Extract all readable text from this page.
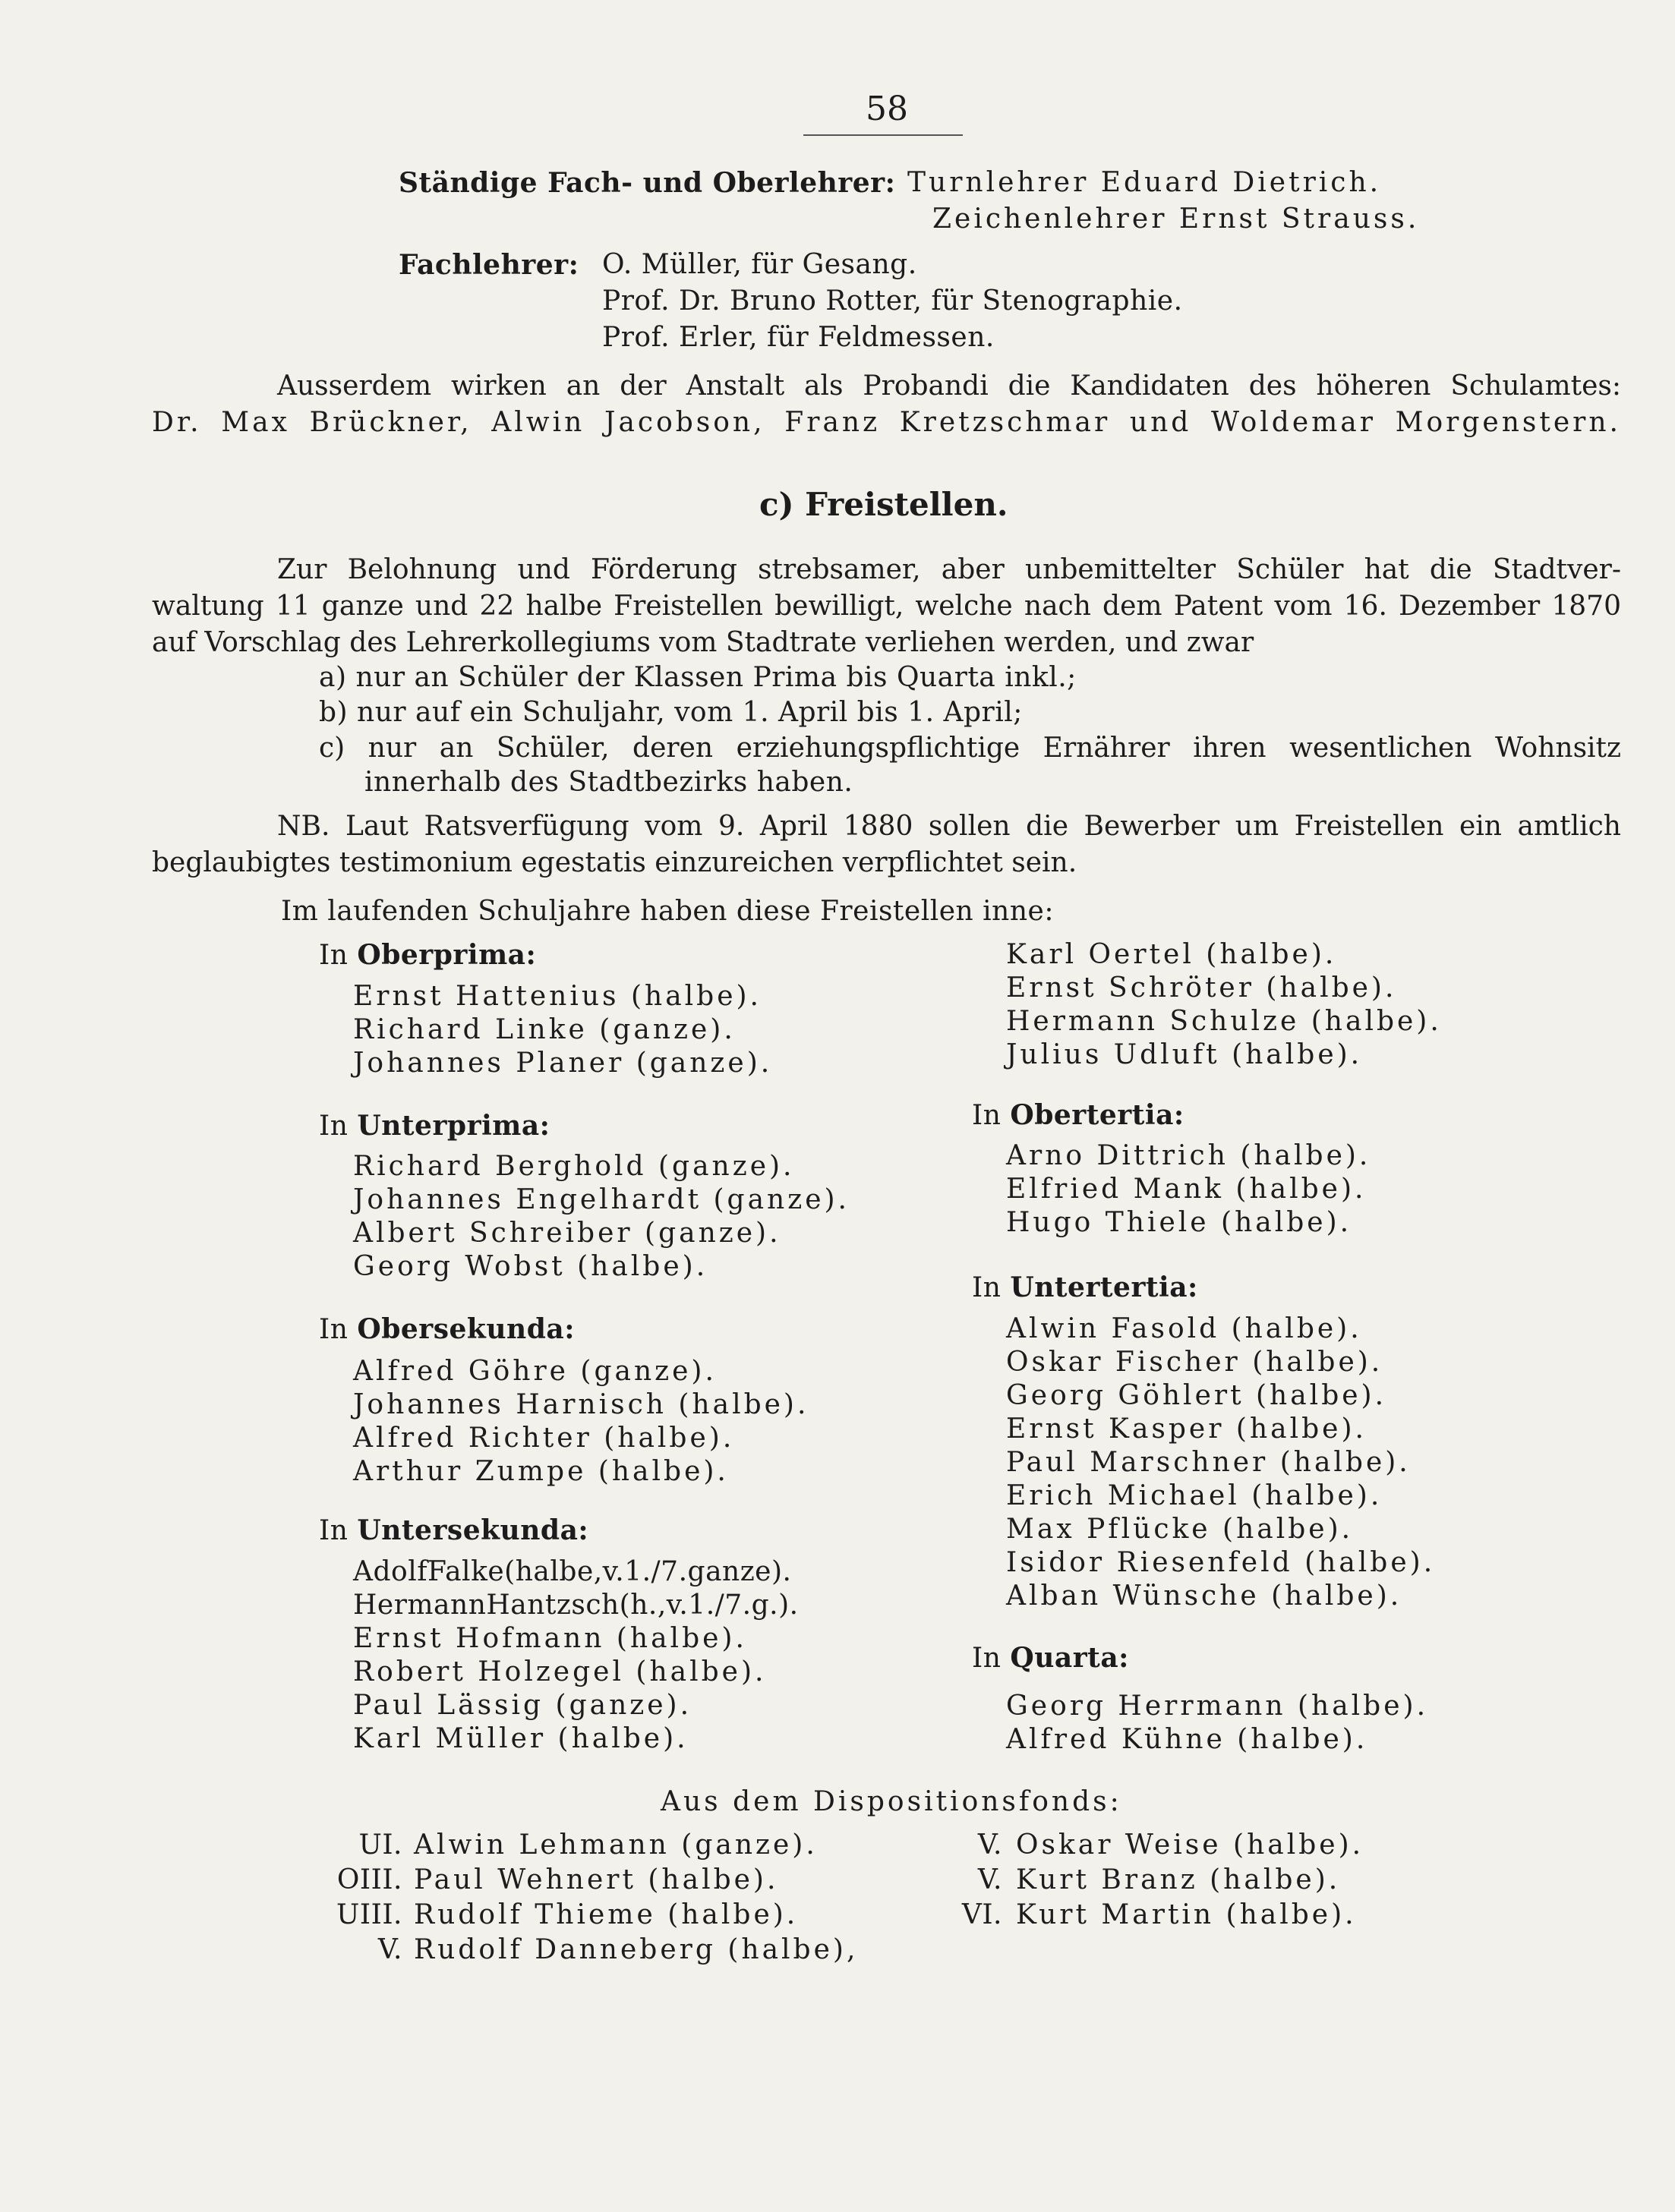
58
Ständige Fach- und Oberlehrer: Turnlehrer Eduard Dietrich.
Zeichenlehrer Ernst Strauss.
Fachlehrer: O. Müller, für Gesang.
Prof. Dr. Bruno Rotter, für Stenographie.
Prof. Erler, für Feldmessen.
Ausserdem wirken an der Anstalt als Probandi die Kandidaten des höheren Schulamtes:
Dr. Max Brückner, Alwin Jacobson, Franz Kretzschmar und Woldemar Morgenstern.
c) Freistellen.
Zur Belohnung und Förderung strebsamer, aber unbemittelter Schüler hat die Stadtver-
waltung 11 ganze und 22 halbe Freistellen bewilligt, welche nach dem Patent vom 16. Dezember 1870
auf Vorschlag des Lehrerkollegiums vom Stadtrate verliehen werden, und zwar
a) nur an Schüler der Klassen Prima bis Quarta inkl.;
b) nur auf ein Schuljahr, vom 1. April bis 1. April;
c) nur an Schüler, deren erziehungspflichtige Ernährer ihren wesentlichen Wohnsitz
innerhalb des Stadtbezirks haben.
NB. Laut Ratsverfügung vom 9. April 1880 sollen die Bewerber um Freistellen ein amtlich
beglaubigtes testimonium egestatis einzureichen verpflichtet sein.
Im laufenden Schuljahre haben diese Freistellen inne:
In Oberprima:
Ernst Hattenius (halbe).
Richard Linke (ganze).
Johannes Planer (ganze).
In Unterprima:
Richard Berghold (ganze).
Johannes Engelhardt (ganze).
Albert Schreiber (ganze).
Georg Wobst (halbe).
In Obersekunda:
Alfred Göhre (ganze).
Johannes Harnisch (halbe).
Alfred Richter (halbe).
Arthur Zumpe (halbe).
In Untersekunda:
AdolfFalke(halbe,v.1./7.ganze).
HermannHantzsch(h.,v.1./7.g.).
Ernst Hofmann (halbe).
Robert Holzegel (halbe).
Paul Lässig (ganze).
Karl Müller (halbe).
Karl Oertel (halbe).
Ernst Schröter (halbe).
Hermann Schulze (halbe).
Julius Udluft (halbe).
In Obertertia:
Arno Dittrich (halbe).
Elfried Mank (halbe).
Hugo Thiele (halbe).
In Untertertia:
Alwin Fasold (halbe).
Oskar Fischer (halbe).
Georg Göhlert (halbe).
Ernst Kasper (halbe).
Paul Marschner (halbe).
Erich Michael (halbe).
Max Pflücke (halbe).
Isidor Riesenfeld (halbe).
Alban Wünsche (halbe).
In Quarta:
Georg Herrmann (halbe).
Alfred Kühne (halbe).
Aus dem Dispositionsfonds:
UI. Alwin Lehmann (ganze).
OIII. Paul Wehnert (halbe).
UIII. Rudolf Thieme (halbe).
V. Rudolf Danneberg (halbe),
V. Oskar Weise (halbe).
V. Kurt Branz (halbe).
VI. Kurt Martin (halbe).
